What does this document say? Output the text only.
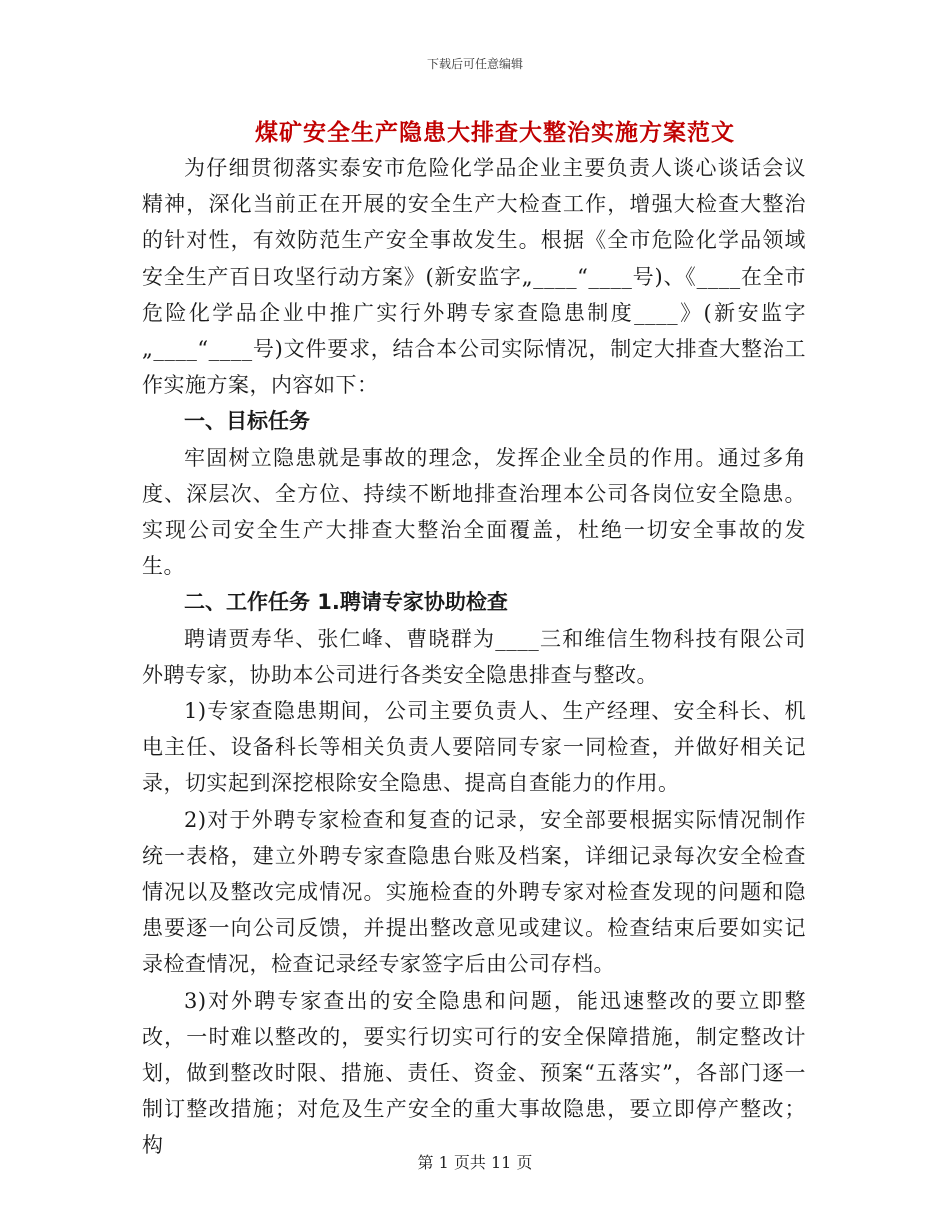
下载后可任意编辑
煤矿安全生产隐患大排查大整治实施方案范文

为仔细贯彻落实泰安市危险化学品企业主要负责人谈心谈话会议精神，深化当前正在开展的安全生产大检查工作，增强大检查大整治的针对性，有效防范生产安全事故发生。根据《全市危险化学品领域安全生产百日攻坚行动方案》(新安监字„____“____号)、《____在全市危险化学品企业中推广实行外聘专家查隐患制度____》(新安监字„____“____号)文件要求，结合本公司实际情况，制定大排查大整治工作实施方案，内容如下：

一、目标任务

牢固树立隐患就是事故的理念，发挥企业全员的作用。通过多角度、深层次、全方位、持续不断地排查治理本公司各岗位安全隐患。实现公司安全生产大排查大整治全面覆盖，杜绝一切安全事故的发生。

二、工作任务 1.聘请专家协助检查

聘请贾寿华、张仁峰、曹晓群为____三和维信生物科技有限公司外聘专家，协助本公司进行各类安全隐患排查与整改。

1)专家查隐患期间，公司主要负责人、生产经理、安全科长、机电主任、设备科长等相关负责人要陪同专家一同检查，并做好相关记录，切实起到深挖根除安全隐患、提高自查能力的作用。

2)对于外聘专家检查和复查的记录，安全部要根据实际情况制作统一表格，建立外聘专家查隐患台账及档案，详细记录每次安全检查情况以及整改完成情况。实施检查的外聘专家对检查发现的问题和隐患要逐一向公司反馈，并提出整改意见或建议。检查结束后要如实记录检查情况，检查记录经专家签字后由公司存档。

3)对外聘专家查出的安全隐患和问题，能迅速整改的要立即整改，一时难以整改的，要实行切实可行的安全保障措施，制定整改计划，做到整改时限、措施、责任、资金、预案“五落实”，各部门逐一制订整改措施；对危及生产安全的重大事故隐患，要立即停产整改；构

第 1 页共 11 页
